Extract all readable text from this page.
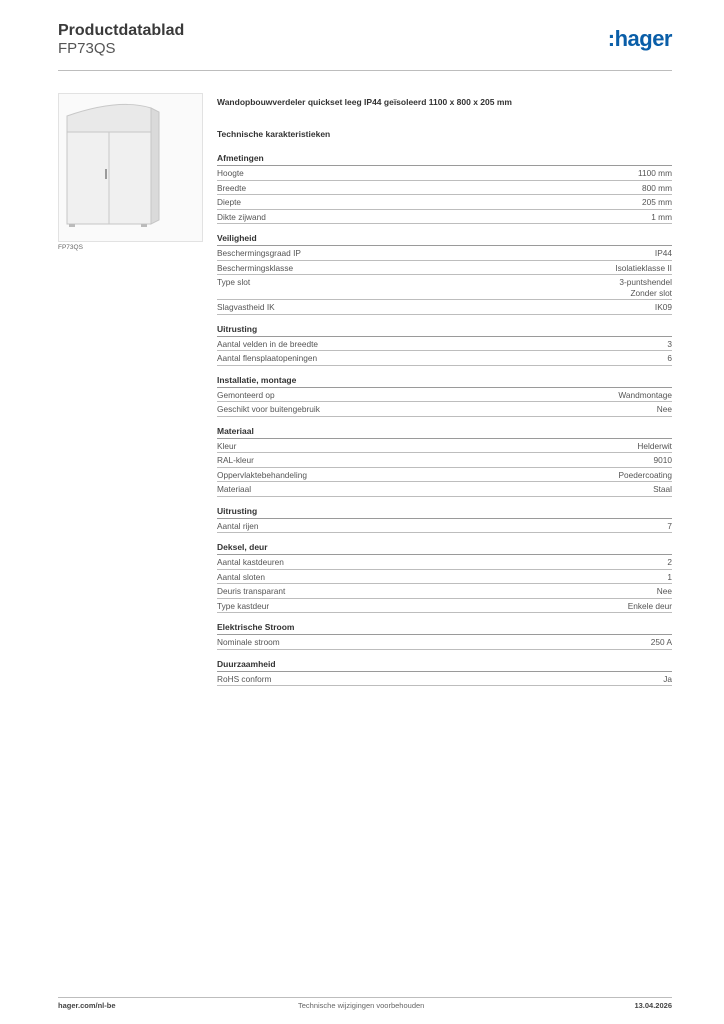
Productdatablad
FP73QS	:hager
FP73QS
Wandopbouwverdeler quickset leeg IP44 geïsoleerd 1100 x 800 x 205 mm
Technische karakteristieken
Afmetingen
Hoogte	1100 mm
Breedte	800 mm
Diepte	205 mm
Dikte zijwand	1 mm
Veiligheid
Beschermingsgraad IP	IP44
Beschermingsklasse	Isolatieklasse II
Type slot	3-puntshendel
Zonder slot
Slagvastheid IK	IK09
Uitrusting
Aantal velden in de breedte	3
Aantal flensplaatopeningen	6
Installatie, montage
Gemonteerd op	Wandmontage
Geschikt voor buitengebruik	Nee
Materiaal
Kleur	Helderwit
RAL-kleur	9010
Oppervlaktebehandeling	Poedercoating
Materiaal	Staal
Uitrusting
Aantal rijen	7
Deksel, deur
Aantal kastdeuren	2
Aantal sloten	1
Deuris transparant	Nee
Type kastdeur	Enkele deur
Elektrische Stroom
Nominale stroom	250 A
Duurzaamheid
RoHS conform	Ja
hager.com/nl-be	Technische wijzigingen voorbehouden	13.04.2026
